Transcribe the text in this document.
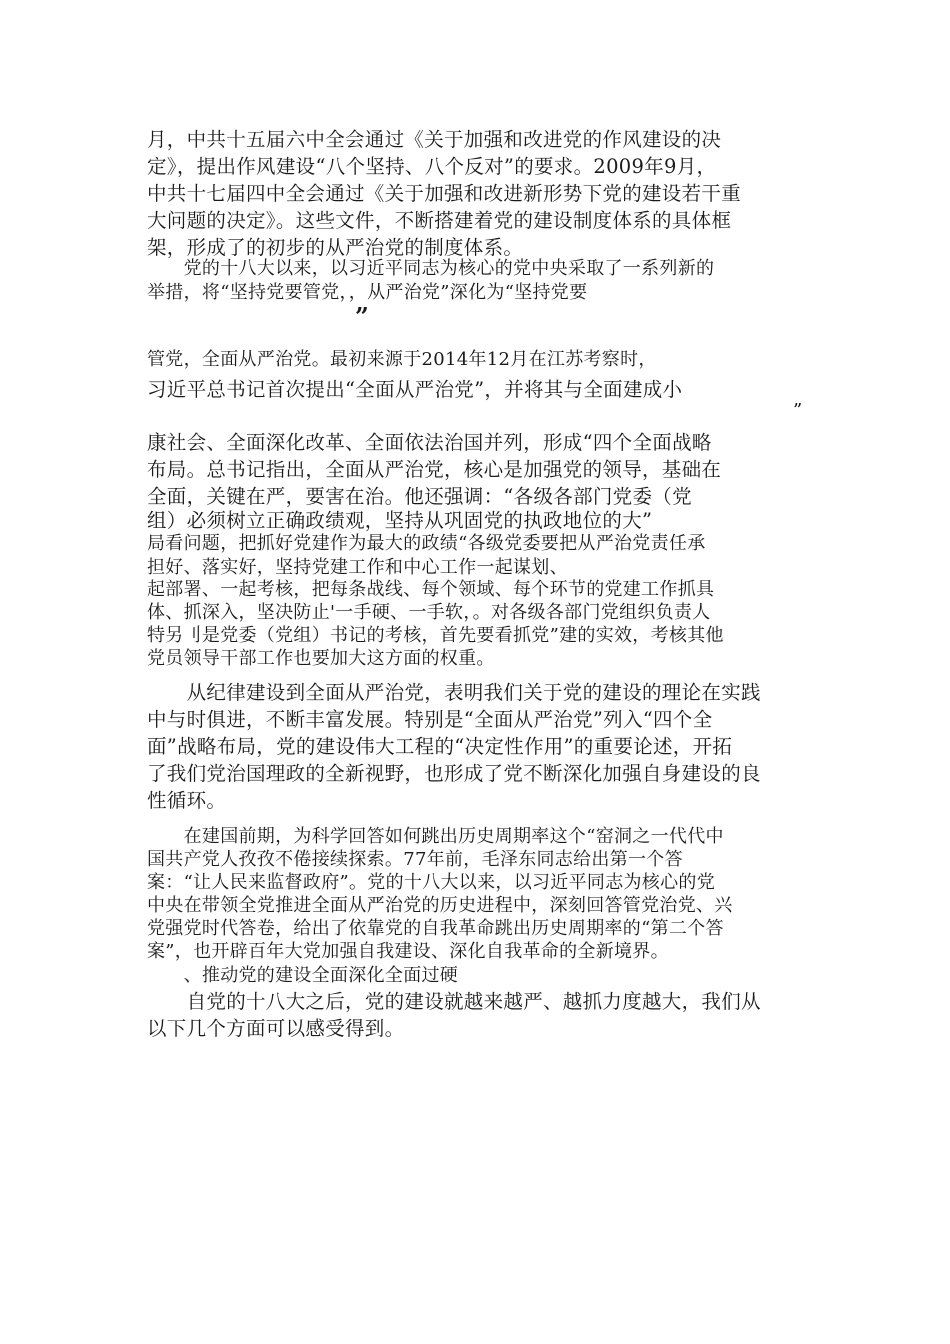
月，中共十五届六中全会通过《关于加强和改进党的作风建设的决

定》，提出作风建设“八个坚持、八个反对”的要求。2009年9月，

中共十七届四中全会通过《关于加强和改进新形势下党的建设若干重

大问题的决定》。这些文件，不断搭建着党的建设制度体系的具体框

架，形成了的初步的从严治党的制度体系。

　　党的十八大以来，以习近平同志为核心的党中央采取了一系列新的

举措，将“坚持党要管党，，从严治党”深化为“坚持党要

”

管党，全面从严治党。最初来源于2014年12月在江苏考察时，

习近平总书记首次提出“全面从严治党”，并将其与全面建成小

”

康社会、全面深化改革、全面依法治国并列，形成“四个全面战略

布局。总书记指出，全面从严治党，核心是加强党的领导，基础在

全面，关键在严，要害在治。他还强调：“各级各部门党委（党

组）必须树立正确政绩观，坚持从巩固党的执政地位的大”

局看问题，把抓好党建作为最大的政绩“各级党委要把从严治党责任承

担好、落实好，坚持党建工作和中心工作一起谋划、

起部署、一起考核，把每条战线、每个领域、每个环节的党建工作抓具

体、抓深入，坚决防止'一手硬、一手软，。对各级各部门党组织负责人

特另刂是党委（党组）书记的考核，首先要看抓党”建的实效，考核其他

党员领导干部工作也要加大这方面的权重。

　　从纪律建设到全面从严治党，表明我们关于党的建设的理论在实践

中与时俱进，不断丰富发展。特别是“全面从严治党”列入“四个全

面”战略布局，党的建设伟大工程的“决定性作用”的重要论述，开拓

了我们党治国理政的全新视野，也形成了党不断深化加强自身建设的良

性循环。

　　在建国前期，为科学回答如何跳出历史周期率这个“窑洞之一代代中

国共产党人孜孜不倦接续探索。77年前，毛泽东同志给出第一个答

案：“让人民来监督政府”。党的十八大以来，以习近平同志为核心的党

中央在带领全党推进全面从严治党的历史进程中，深刻回答管党治党、兴

党强党时代答卷，给出了依靠党的自我革命跳出历史周期率的“第二个答

案”，也开辟百年大党加强自我建设、深化自我革命的全新境界。

　　、推动党的建设全面深化全面过硬

　　自党的十八大之后，党的建设就越来越严、越抓力度越大，我们从

以下几个方面可以感受得到。
